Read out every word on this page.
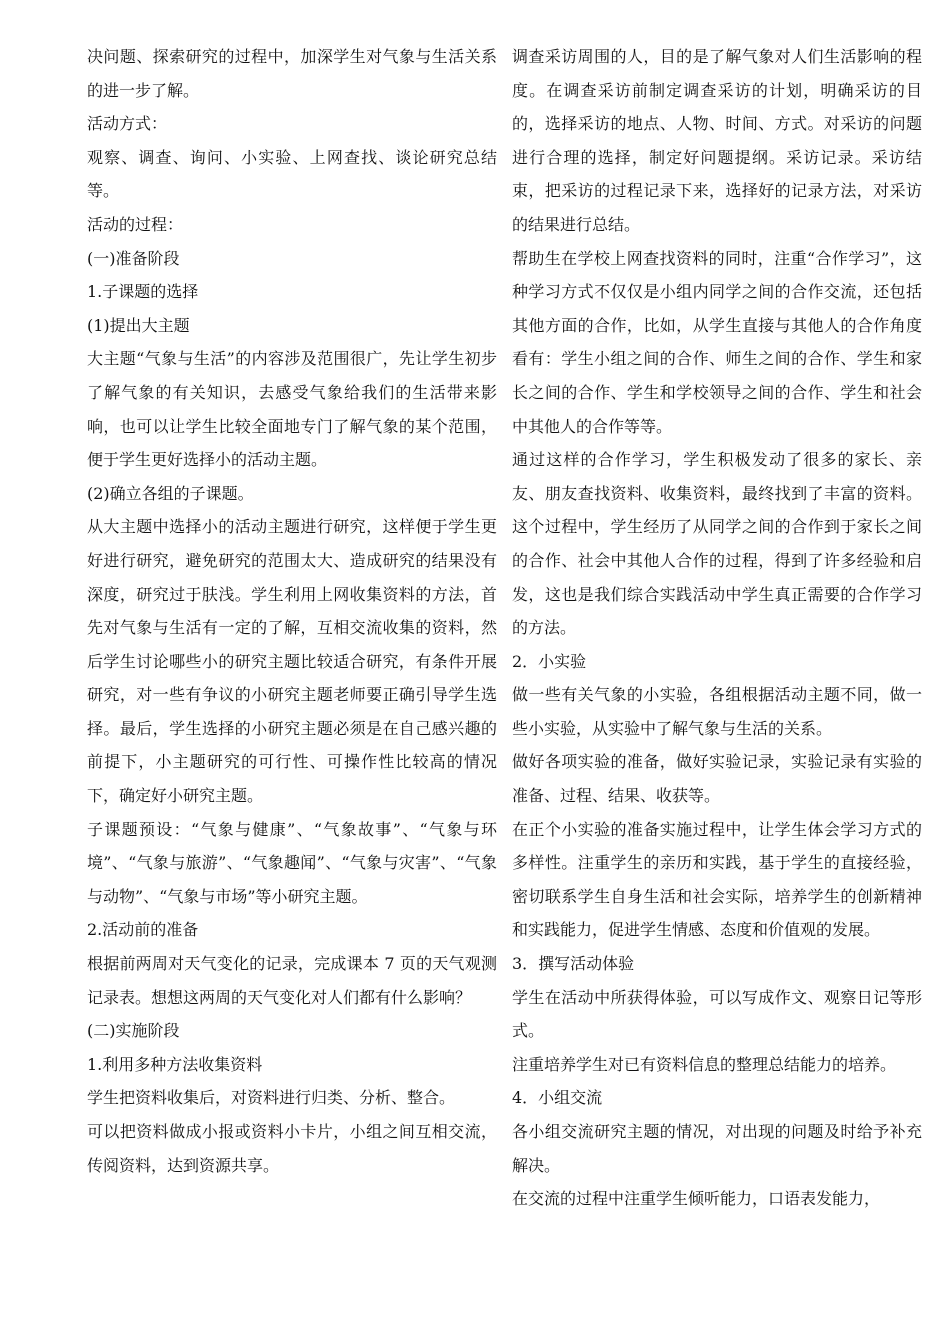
决问题、探索研究的过程中，加深学生对气象与生活关系的进一步了解。

活动方式：

观察、调查、询问、小实验、上网查找、谈论研究总结等。

活动的过程：

(一)准备阶段

1.子课题的选择

(1)提出大主题

大主题“气象与生活”的内容涉及范围很广，先让学生初步了解气象的有关知识，去感受气象给我们的生活带来影响，也可以让学生比较全面地专门了解气象的某个范围，便于学生更好选择小的活动主题。

(2)确立各组的子课题。

从大主题中选择小的活动主题进行研究，这样便于学生更好进行研究，避免研究的范围太大、造成研究的结果没有深度，研究过于肤浅。学生利用上网收集资料的方法，首先对气象与生活有一定的了解，互相交流收集的资料，然后学生讨论哪些小的研究主题比较适合研究，有条件开展研究，对一些有争议的小研究主题老师要正确引导学生选择。最后，学生选择的小研究主题必须是在自己感兴趣的前提下，小主题研究的可行性、可操作性比较高的情况下，确定好小研究主题。

子课题预设：“气象与健康”、“气象故事”、“气象与环境”、“气象与旅游”、“气象趣闻”、“气象与灾害”、“气象与动物”、“气象与市场”等小研究主题。

2.活动前的准备

根据前两周对天气变化的记录，完成课本 7 页的天气观测记录表。想想这两周的天气变化对人们都有什么影响？

(二)实施阶段

1.利用多种方法收集资料

学生把资料收集后，对资料进行归类、分析、整合。

可以把资料做成小报或资料小卡片，小组之间互相交流，传阅资料，达到资源共享。

调查采访周围的人，目的是了解气象对人们生活影响的程度。在调查采访前制定调查采访的计划，明确采访的目的，选择采访的地点、人物、时间、方式。对采访的问题进行合理的选择，制定好问题提纲。采访记录。采访结束，把采访的过程记录下来，选择好的记录方法，对采访的结果进行总结。

帮助生在学校上网查找资料的同时，注重“合作学习”，这种学习方式不仅仅是小组内同学之间的合作交流，还包括其他方面的合作，比如，从学生直接与其他人的合作角度看有：学生小组之间的合作、师生之间的合作、学生和家长之间的合作、学生和学校领导之间的合作、学生和社会中其他人的合作等等。

通过这样的合作学习，学生积极发动了很多的家长、亲友、朋友查找资料、收集资料，最终找到了丰富的资料。这个过程中，学生经历了从同学之间的合作到于家长之间的合作、社会中其他人合作的过程，得到了许多经验和启发，这也是我们综合实践活动中学生真正需要的合作学习的方法。

2．小实验

做一些有关气象的小实验，各组根据活动主题不同，做一些小实验，从实验中了解气象与生活的关系。

做好各项实验的准备，做好实验记录，实验记录有实验的准备、过程、结果、收获等。

在正个小实验的准备实施过程中，让学生体会学习方式的多样性。注重学生的亲历和实践，基于学生的直接经验，密切联系学生自身生活和社会实际，培养学生的创新精神和实践能力，促进学生情感、态度和价值观的发展。

3．撰写活动体验

学生在活动中所获得体验，可以写成作文、观察日记等形式。

注重培养学生对已有资料信息的整理总结能力的培养。

4．小组交流

各小组交流研究主题的情况，对出现的问题及时给予补充解决。

在交流的过程中注重学生倾听能力，口语表发能力，
